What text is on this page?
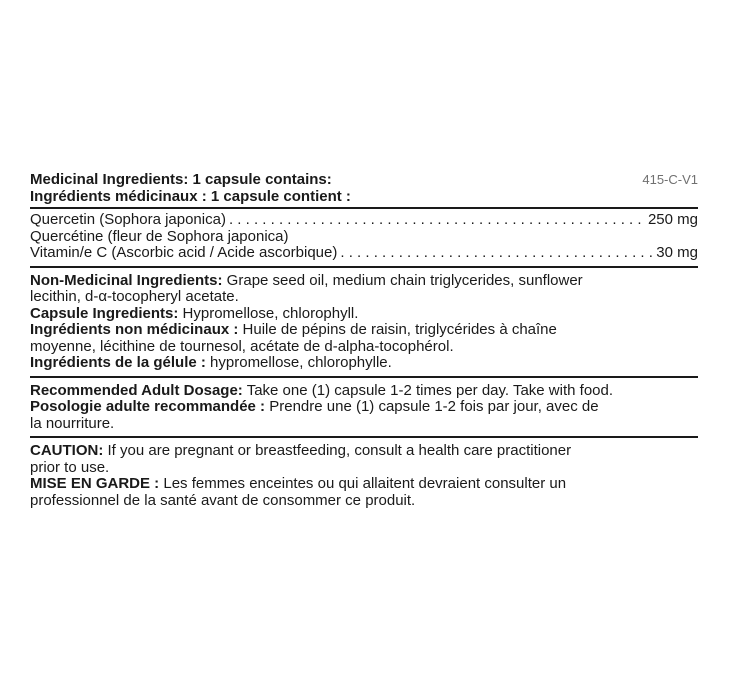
415-C-V1
Medicinal Ingredients: 1 capsule contains:
Ingrédients médicinaux : 1 capsule contient :
Quercetin (Sophora japonica) . . .	250 mg
Quercétine (fleur de Sophora japonica)
Vitamin/e C (Ascorbic acid / Acide ascorbique) . . .	30 mg

Non-Medicinal Ingredients: Grape seed oil, medium chain triglycerides, sunflower
lecithin, d-α-tocopheryl acetate.

Capsule Ingredients: Hypromellose, chlorophyll.

Ingrédients non médicinaux : Huile de pépins de raisin, triglycérides à chaîne
moyenne, lécithine de tournesol, acétate de d-alpha-tocophérol.

Ingrédients de la gélule : hypromellose, chlorophylle.

Recommended Adult Dosage: Take one (1) capsule 1-2 times per day. Take with food.

Posologie adulte recommandée : Prendre une (1) capsule 1-2 fois par jour, avec de
la nourriture.

CAUTION: If you are pregnant or breastfeeding, consult a health care practitioner
prior to use.

MISE EN GARDE : Les femmes enceintes ou qui allaitent devraient consulter un
professionnel de la santé avant de consommer ce produit.
